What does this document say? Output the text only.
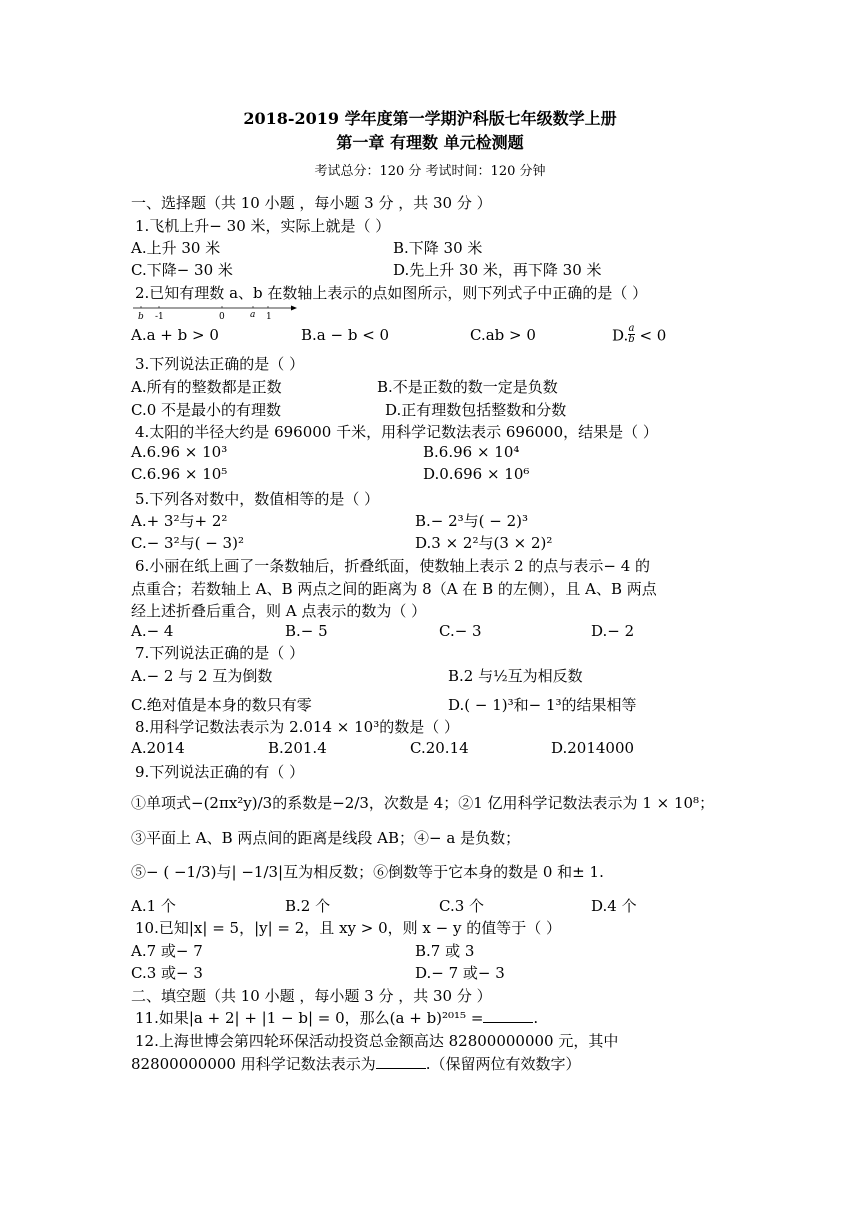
2018-2019 学年度第一学期沪科版七年级数学上册
第一章 有理数 单元检测题
考试总分：120 分 考试时间：120 分钟
一、选择题（共 10 小题 ，每小题 3 分 ，共 30 分 ）
1.飞机上升− 30 米，实际上就是（ ）
A.上升 30 米	B.下降 30 米
C.下降− 30 米	D.先上升 30 米，再下降 30 米
2.已知有理数 a、b 在数轴上表示的点如图所示，则下列式子中正确的是（ ）
b -1	0	a 1
A.a + b > 0	B.a − b < 0	C.ab > 0	D. $\frac{a}{b} < 0$
3.下列说法正确的是（ ）
A.所有的整数都是正数	B.不是正数的数一定是负数
C.0 不是最小的有理数	D.正有理数包括整数和分数
4.太阳的半径大约是 696000 千米，用科学记数法表示 696000，结果是（ ）
A.6.96 × 10³	B.6.96 × 10⁴
C.6.96 × 10⁵	D.0.696 × 10⁶
5.下列各对数中，数值相等的是（ ）
A.+ 3²与+ 2²	B.− 2³与( − 2)³
C.− 3²与( − 3)²	D.3 × 2²与(3 × 2)²
6.小丽在纸上画了一条数轴后，折叠纸面，使数轴上表示 2 的点与表示− 4 的
点重合；若数轴上 A、B 两点之间的距离为 8（A 在 B 的左侧），且 A、B 两点
经上述折叠后重合，则 A 点表示的数为（ ）
A.− 4	B.− 5	C.− 3	D.− 2
7.下列说法正确的是（ ）
A.− 2 与 2 互为倒数	B.2 与½互为相反数
C.绝对值是本身的数只有零	D.( − 1)³和− 1³的结果相等
8.用科学记数法表示为 2.014 × 10³的数是（ ）
A.2014	B.201.4	C.20.14	D.2014000
9.下列说法正确的有（ ）
①单项式−(2πx²y)/3的系数是−2/3，次数是 4；②1 亿用科学记数法表示为 1 × 10⁸；
③平面上 A、B 两点间的距离是线段 AB；④− a 是负数；
⑤− ( −1/3)与| −1/3|互为相反数；⑥倒数等于它本身的数是 0 和± 1.
A.1 个	B.2 个	C.3 个	D.4 个
10.已知|x| = 5，|y| = 2，且 xy > 0，则 x − y 的值等于（ ）
A.7 或− 7	B.7 或 3
C.3 或− 3	D.− 7 或− 3
二、填空题（共 10 小题 ，每小题 3 分 ，共 30 分 ）
11.如果|a + 2| + |1 − b| = 0，那么(a + b)²⁰¹⁵ =	.
12.上海世博会第四轮环保活动投资总金额高达 82800000000 元，其中
82800000000 用科学记数法表示为	.（保留两位有效数字）
